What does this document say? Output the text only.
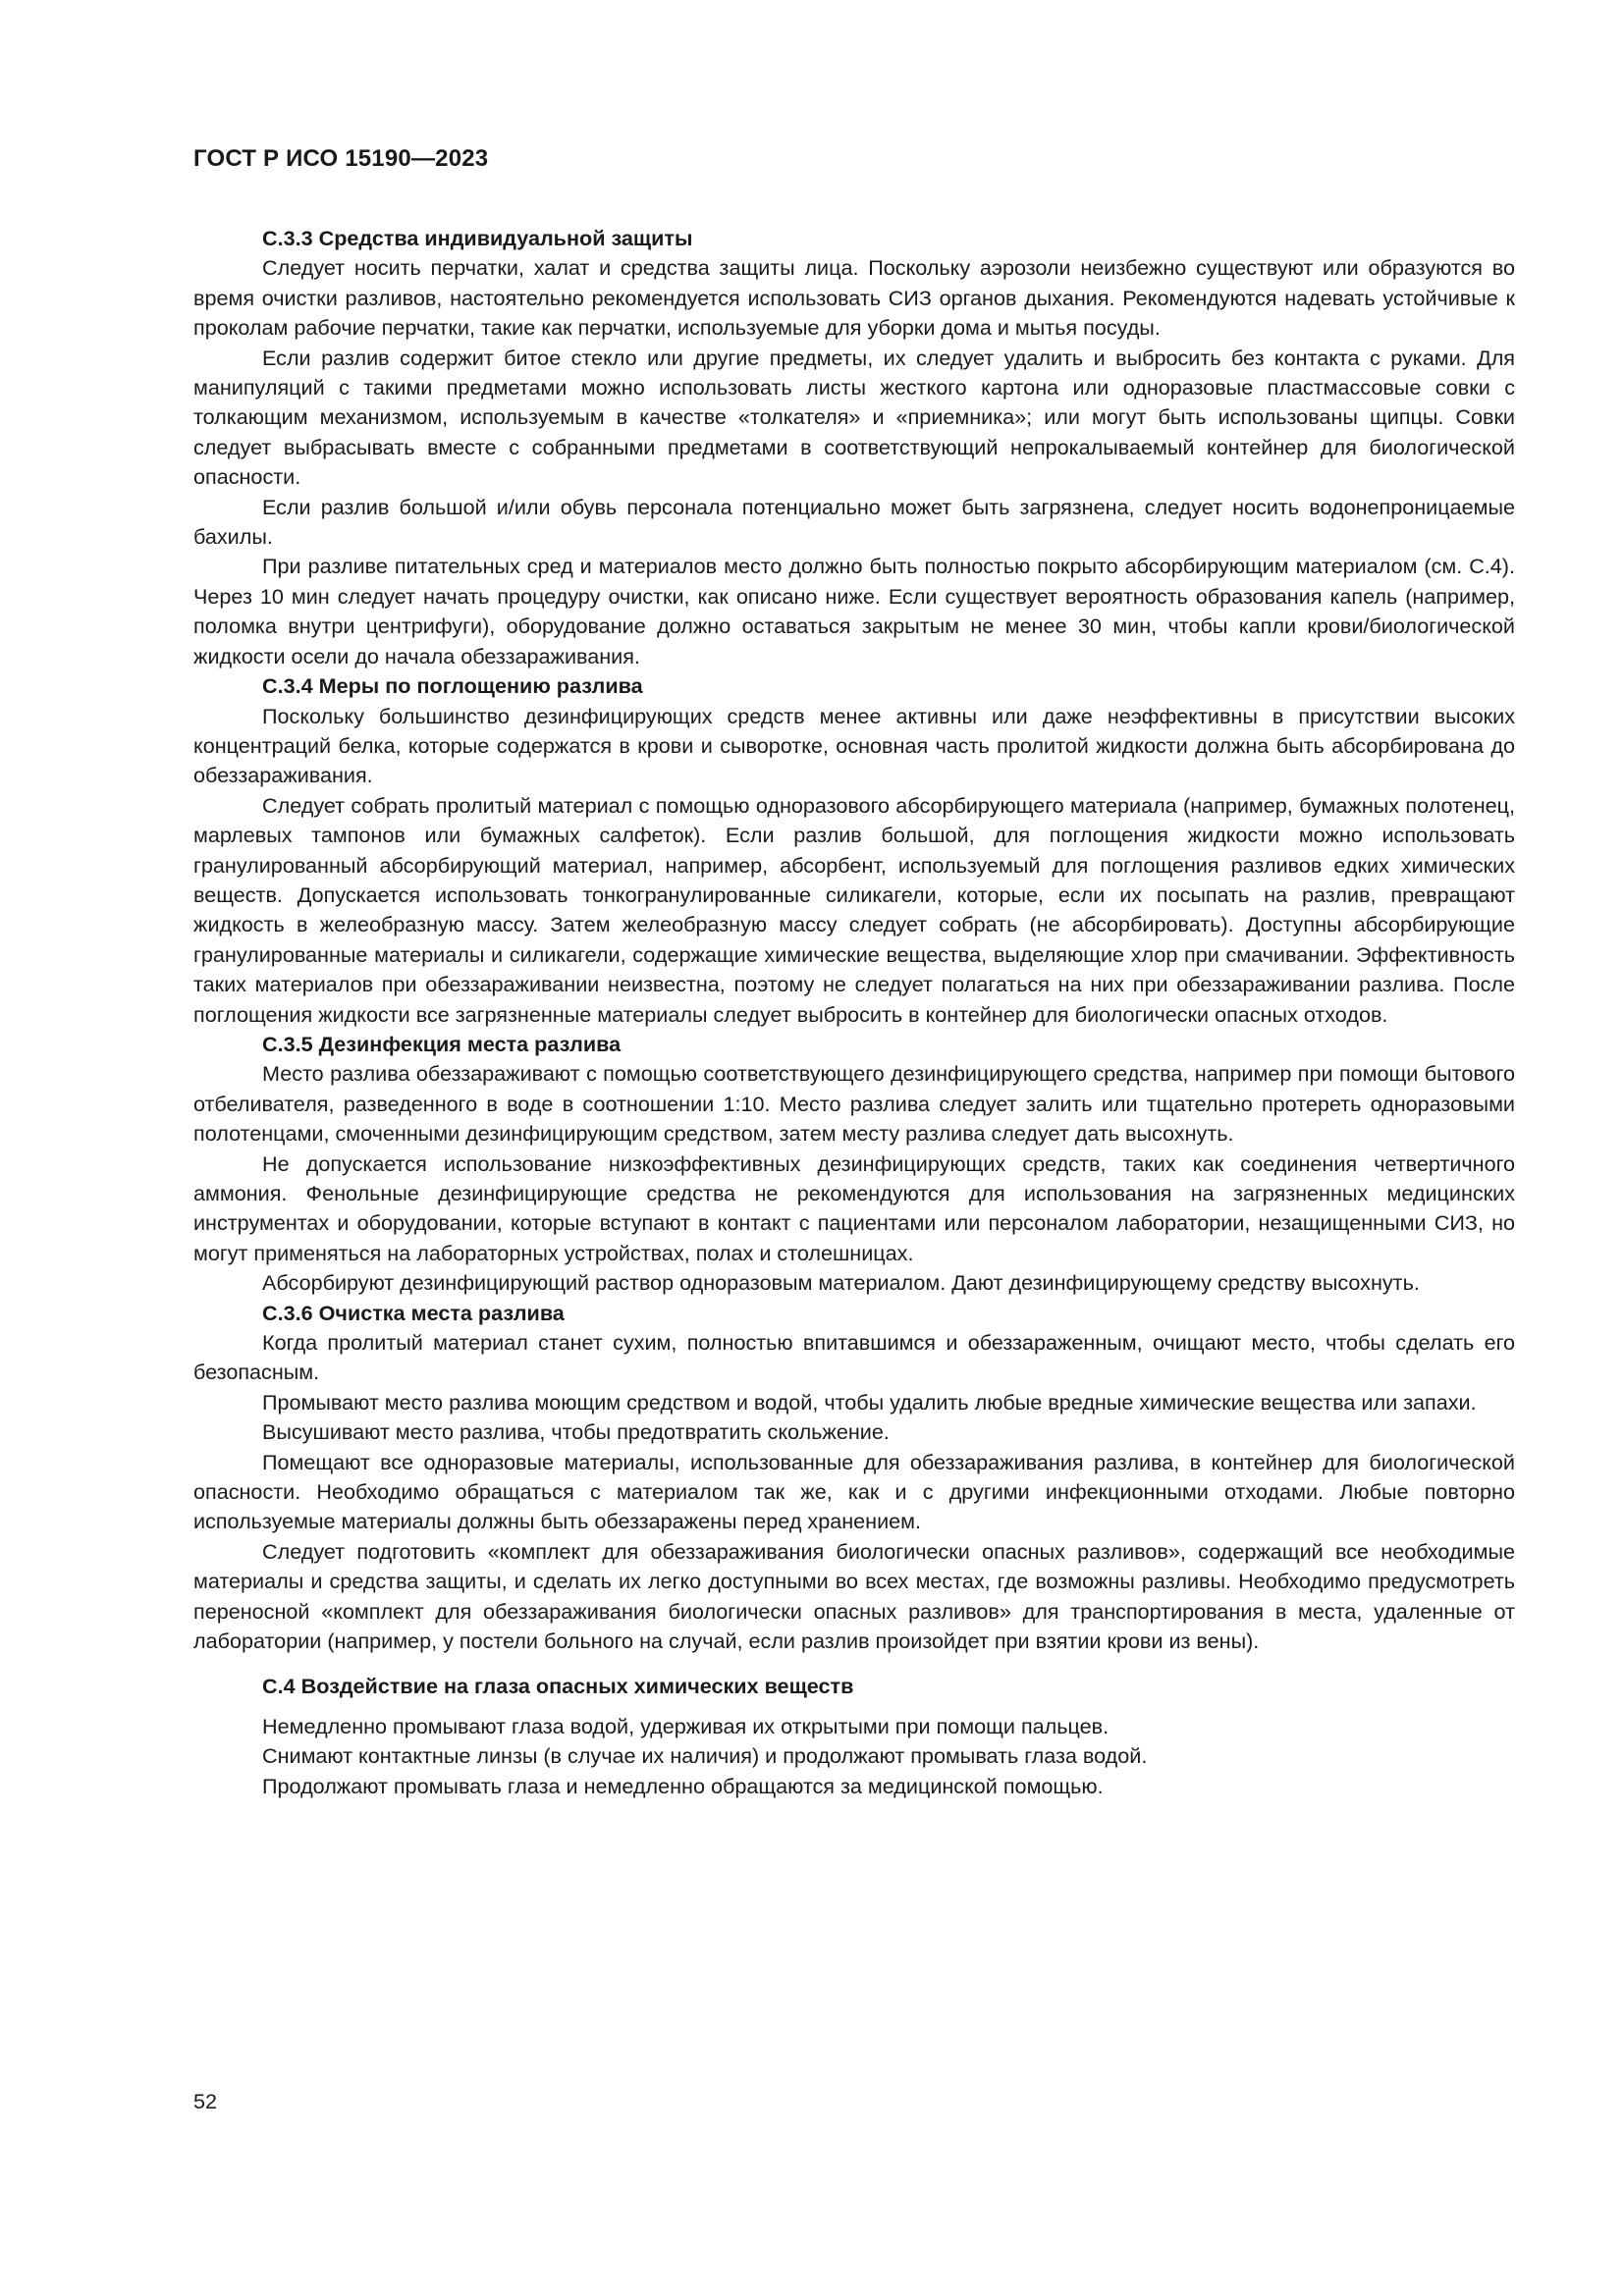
ГОСТ Р ИСО 15190—2023
С.3.3 Средства индивидуальной защиты

Следует носить перчатки, халат и средства защиты лица. Поскольку аэрозоли неизбежно существуют или образуются во время очистки разливов, настоятельно рекомендуется использовать СИЗ органов дыхания. Рекомендуются надевать устойчивые к проколам рабочие перчатки, такие как перчатки, используемые для уборки дома и мытья посуды.

Если разлив содержит битое стекло или другие предметы, их следует удалить и выбросить без контакта с руками. Для манипуляций с такими предметами можно использовать листы жесткого картона или одноразовые пластмассовые совки с толкающим механизмом, используемым в качестве «толкателя» и «приемника»; или могут быть использованы щипцы. Совки следует выбрасывать вместе с собранными предметами в соответствующий непрокалываемый контейнер для биологической опасности.

Если разлив большой и/или обувь персонала потенциально может быть загрязнена, следует носить водонепроницаемые бахилы.

При разливе питательных сред и материалов место должно быть полностью покрыто абсорбирующим материалом (см. С.4). Через 10 мин следует начать процедуру очистки, как описано ниже. Если существует вероятность образования капель (например, поломка внутри центрифуги), оборудование должно оставаться закрытым не менее 30 мин, чтобы капли крови/биологической жидкости осели до начала обеззараживания.

С.3.4 Меры по поглощению разлива

Поскольку большинство дезинфицирующих средств менее активны или даже неэффективны в присутствии высоких концентраций белка, которые содержатся в крови и сыворотке, основная часть пролитой жидкости должна быть абсорбирована до обеззараживания.

Следует собрать пролитый материал с помощью одноразового абсорбирующего материала (например, бумажных полотенец, марлевых тампонов или бумажных салфеток). Если разлив большой, для поглощения жидкости можно использовать гранулированный абсорбирующий материал, например, абсорбент, используемый для поглощения разливов едких химических веществ. Допускается использовать тонкогранулированные силикагели, которые, если их посыпать на разлив, превращают жидкость в желеобразную массу. Затем желеобразную массу следует собрать (не абсорбировать). Доступны абсорбирующие гранулированные материалы и силикагели, содержащие химические вещества, выделяющие хлор при смачивании. Эффективность таких материалов при обеззараживании неизвестна, поэтому не следует полагаться на них при обеззараживании разлива. После поглощения жидкости все загрязненные материалы следует выбросить в контейнер для биологически опасных отходов.

С.3.5 Дезинфекция места разлива

Место разлива обеззараживают с помощью соответствующего дезинфицирующего средства, например при помощи бытового отбеливателя, разведенного в воде в соотношении 1:10. Место разлива следует залить или тщательно протереть одноразовыми полотенцами, смоченными дезинфицирующим средством, затем месту разлива следует дать высохнуть.

Не допускается использование низкоэффективных дезинфицирующих средств, таких как соединения четвертичного аммония. Фенольные дезинфицирующие средства не рекомендуются для использования на загрязненных медицинских инструментах и оборудовании, которые вступают в контакт с пациентами или персоналом лаборатории, незащищенными СИЗ, но могут применяться на лабораторных устройствах, полах и столешницах.

Абсорбируют дезинфицирующий раствор одноразовым материалом. Дают дезинфицирующему средству высохнуть.

С.3.6 Очистка места разлива

Когда пролитый материал станет сухим, полностью впитавшимся и обеззараженным, очищают место, чтобы сделать его безопасным.

Промывают место разлива моющим средством и водой, чтобы удалить любые вредные химические вещества или запахи.

Высушивают место разлива, чтобы предотвратить скольжение.

Помещают все одноразовые материалы, использованные для обеззараживания разлива, в контейнер для биологической опасности. Необходимо обращаться с материалом так же, как и с другими инфекционными отходами. Любые повторно используемые материалы должны быть обеззаражены перед хранением.

Следует подготовить «комплект для обеззараживания биологически опасных разливов», содержащий все необходимые материалы и средства защиты, и сделать их легко доступными во всех местах, где возможны разливы. Необходимо предусмотреть переносной «комплект для обеззараживания биологически опасных разливов» для транспортирования в места, удаленные от лаборатории (например, у постели больного на случай, если разлив произойдет при взятии крови из вены).

С.4 Воздействие на глаза опасных химических веществ

Немедленно промывают глаза водой, удерживая их открытыми при помощи пальцев.

Снимают контактные линзы (в случае их наличия) и продолжают промывать глаза водой.

Продолжают промывать глаза и немедленно обращаются за медицинской помощью.

52
